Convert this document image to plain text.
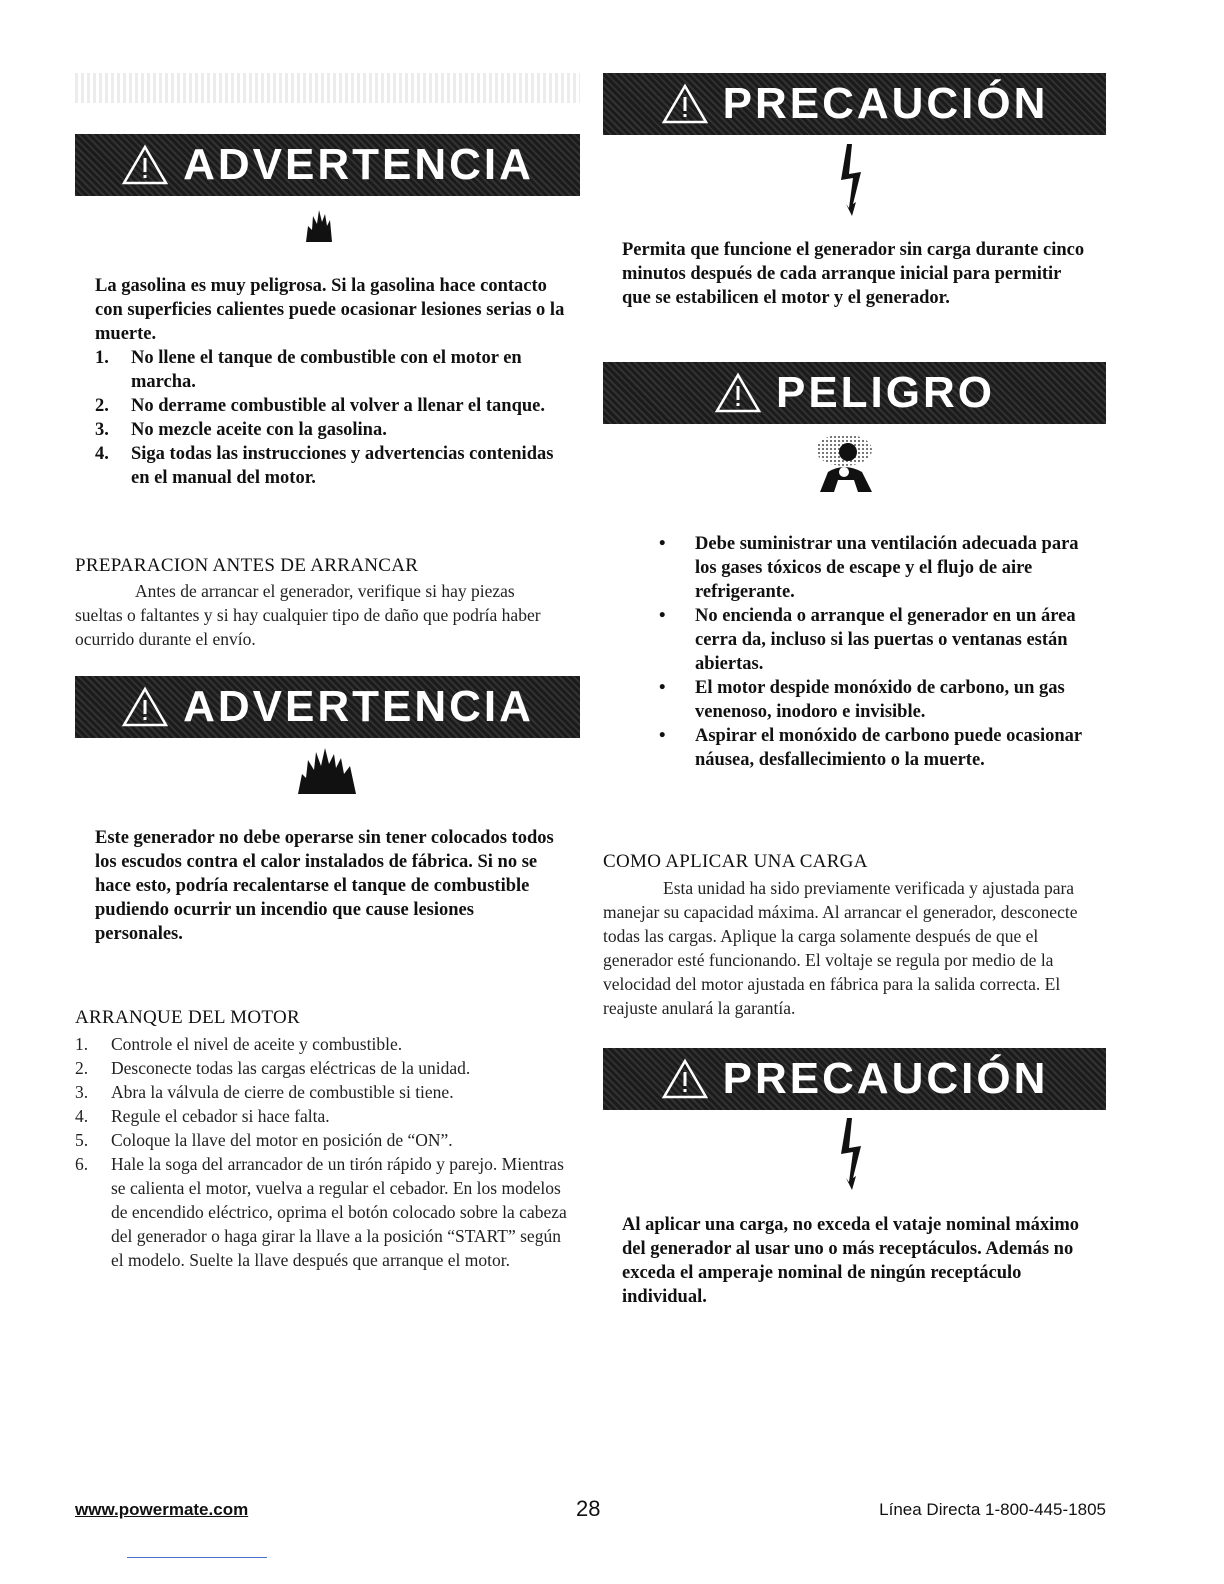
ADVERTENCIA

La gasolina es muy peligrosa. Si la gasolina hace contacto con superficies calientes puede ocasionar lesiones serias o la muerte.

1. No llene el tanque de combustible con el motor en marcha.
2. No derrame combustible al volver a llenar el tanque.
3. No mezcle aceite con la gasolina.
4. Siga todas las instrucciones y advertencias contenidas en el manual del motor.
PREPARACION ANTES DE ARRANCAR

Antes de arrancar el generador, verifique si hay piezas sueltas o faltantes y si hay cualquier tipo de daño que podría haber ocurrido durante el envío.

ADVERTENCIA

Este generador no debe operarse sin tener colocados todos los escudos contra el calor instalados de fábrica. Si no se hace esto, podría recalentarse el tanque de combustible pudiendo ocurrir un incendio que cause lesiones personales.

ARRANQUE DEL MOTOR
1. Controle el nivel de aceite y combustible.
2. Desconecte todas las cargas eléctricas de la unidad.
3. Abra la válvula de cierre de combustible si tiene.
4. Regule el cebador si hace falta.
5. Coloque la llave del motor en posición de “ON”.
6. Hale la soga del arrancador de un tirón rápido y parejo. Mientras se calienta el motor, vuelva a regular el cebador. En los modelos de encendido eléctrico, oprima el botón colocado sobre la cabeza del generador o haga girar la llave a la posición “START” según el modelo. Suelte la llave después que arranque el motor.
PRECAUCIÓN

Permita que funcione el generador sin carga durante cinco minutos después de cada arranque inicial para permitir que se estabilicen el motor y el generador.

PELIGRO
• Debe suministrar una ventilación adecuada para los gases tóxicos de escape y el flujo de aire refrigerante.
• No encienda o arranque el generador en un área cerra da, incluso si las puertas o ventanas están abiertas.
• El motor despide monóxido de carbono, un gas venenoso, inodoro e invisible.
• Aspirar el monóxido de carbono puede ocasionar náusea, desfallecimiento o la muerte.
COMO APLICAR UNA CARGA

Esta unidad ha sido previamente verificada y ajustada para manejar su capacidad máxima. Al arrancar el generador, desconecte todas las cargas. Aplique la carga solamente después de que el generador esté funcionando. El voltaje se regula por medio de la velocidad del motor ajustada en fábrica para la salida correcta. El reajuste anulará la garantía.

PRECAUCIÓN

Al aplicar una carga, no exceda el vataje nominal máximo del generador al usar uno o más receptáculos. Además no exceda el amperaje nominal de ningún receptáculo individual.

www.powermate.com	28	Línea Directa 1-800-445-1805
